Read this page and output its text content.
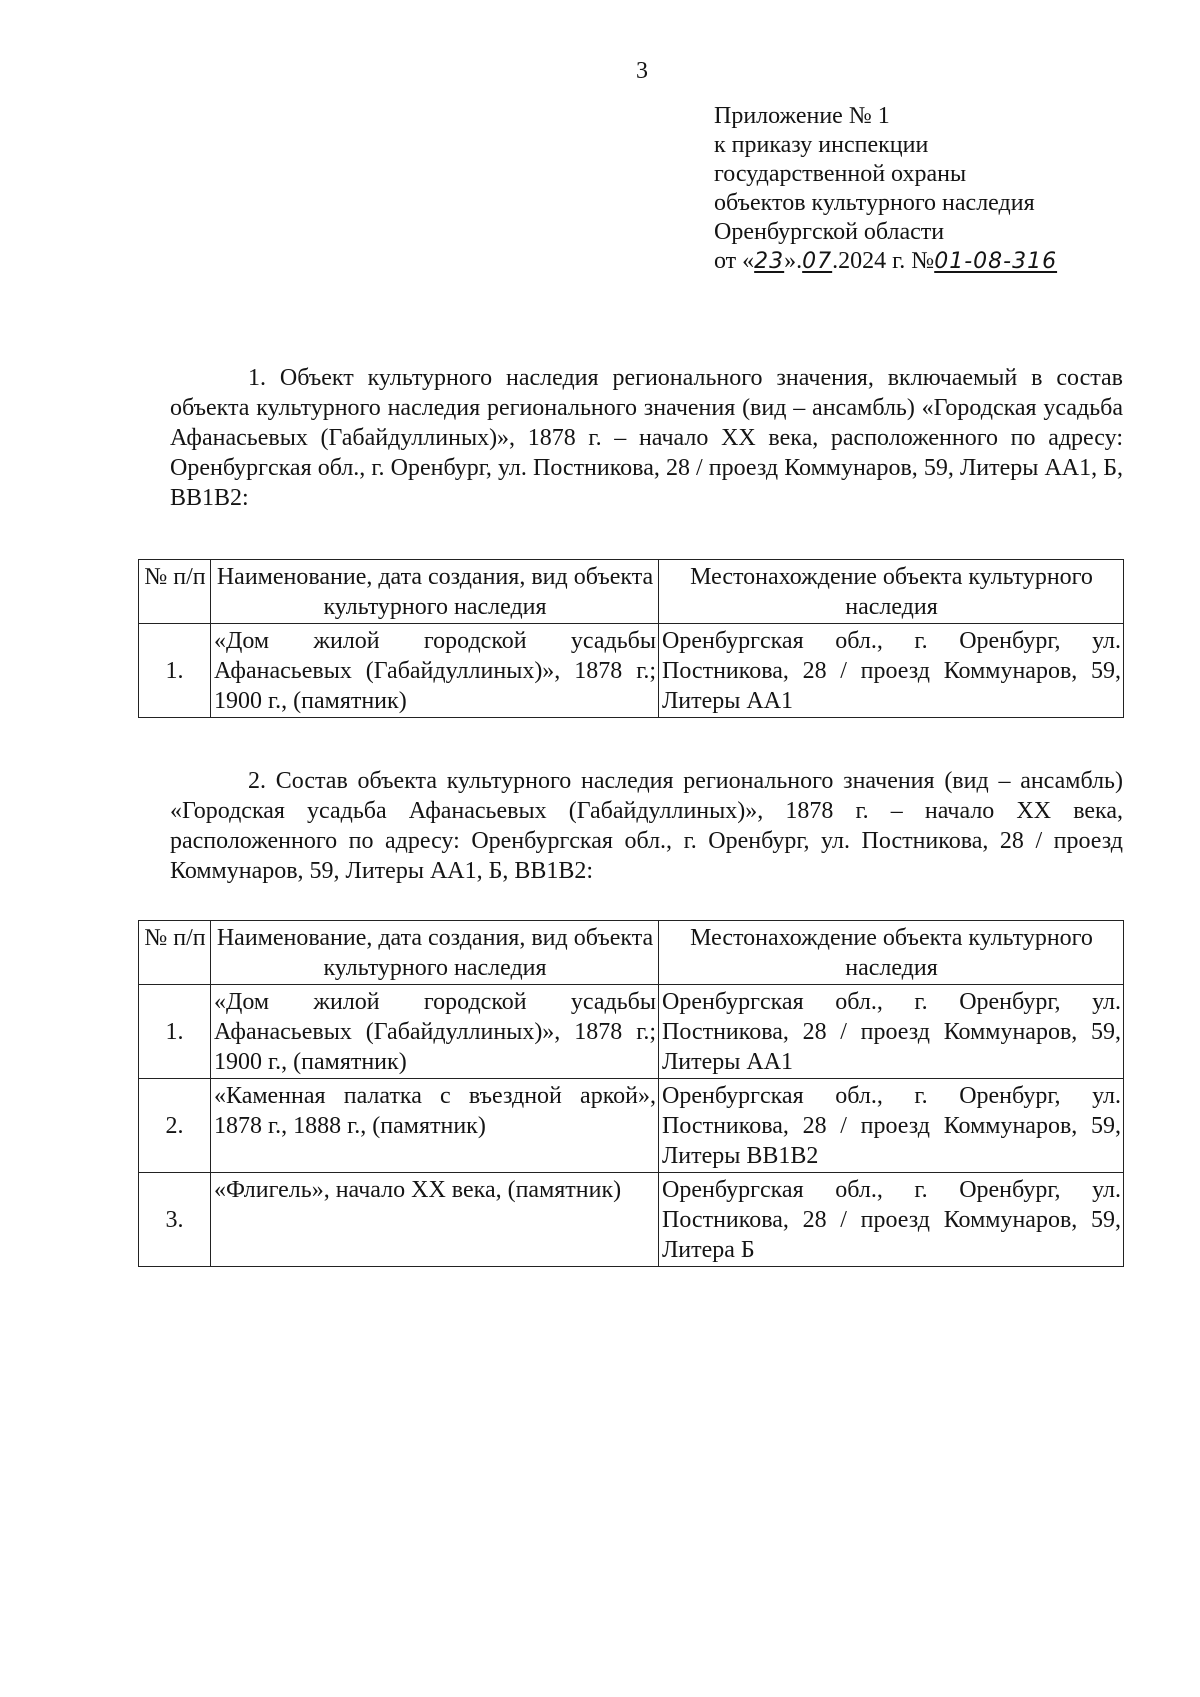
3
Приложение № 1
к приказу инспекции
государственной охраны
объектов культурного наследия
Оренбургской области
от «23».07.2024 г. №01-08-316

1. Объект культурного наследия регионального значения, включаемый в состав объекта культурного наследия регионального значения (вид – ансамбль) «Городская усадьба Афанасьевых (Габайдуллиных)», 1878 г. – начало XX века, расположенного по адресу: Оренбургская обл., г. Оренбург, ул. Постникова, 28 / проезд Коммунаров, 59, Литеры АА1, Б, ВВ1В2:

№ п/п	Наименование, дата создания, вид объекта культурного наследия	Местонахождение объекта культурного наследия
1.	«Дом жилой городской усадьбы Афанасьевых (Габайдуллиных)», 1878 г.; 1900 г., (памятник)	Оренбургская обл., г. Оренбург, ул. Постникова, 28 / проезд Коммунаров, 59, Литеры АА1

2. Состав объекта культурного наследия регионального значения (вид – ансамбль) «Городская усадьба Афанасьевых (Габайдуллиных)», 1878 г. – начало XX века, расположенного по адресу: Оренбургская обл., г. Оренбург, ул. Постникова, 28 / проезд Коммунаров, 59, Литеры АА1, Б, ВВ1В2:

№ п/п	Наименование, дата создания, вид объекта культурного наследия	Местонахождение объекта культурного наследия
1.	«Дом жилой городской усадьбы Афанасьевых (Габайдуллиных)», 1878 г.; 1900 г., (памятник)	Оренбургская обл., г. Оренбург, ул. Постникова, 28 / проезд Коммунаров, 59, Литеры АА1
2.	«Каменная палатка с въездной аркой», 1878 г., 1888 г., (памятник)	Оренбургская обл., г. Оренбург, ул. Постникова, 28 / проезд Коммунаров, 59, Литеры ВВ1В2
3.	«Флигель», начало XX века, (памятник)	Оренбургская обл., г. Оренбург, ул. Постникова, 28 / проезд Коммунаров, 59, Литера Б
